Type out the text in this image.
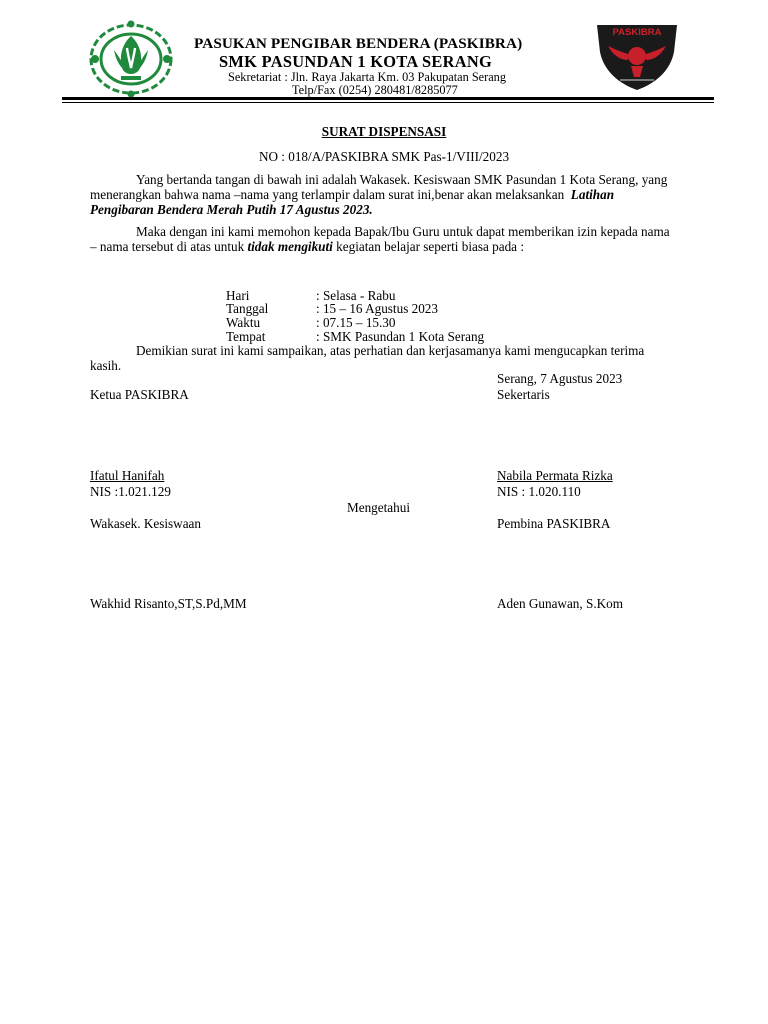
PASUKAN PENGIBAR BENDERA (PASKIBRA)
SMK PASUNDAN 1 KOTA SERANG
Sekretariat : Jln. Raya Jakarta Km. 03 Pakupatan Serang
Telp/Fax (0254) 280481/8285077
PASKIBRA
SURAT DISPENSASI
NO : 018/A/PASKIBRA SMK Pas-1/VIII/2023
Yang bertanda tangan di bawah ini adalah Wakasek. Kesiswaan SMK Pasundan 1 Kota Serang, yang menerangkan bahwa nama –nama yang terlampir dalam surat ini,benar akan melaksankan Latihan Pengibaran Bendera Merah Putih 17 Agustus 2023.
Maka dengan ini kami memohon kepada Bapak/Ibu Guru untuk dapat memberikan izin kepada nama – nama tersebut di atas untuk tidak mengikuti kegiatan belajar seperti biasa pada :
Hari	: Selasa - Rabu
Tanggal	: 15 – 16 Agustus 2023
Waktu	: 07.15 – 15.30
Tempat	: SMK Pasundan 1 Kota Serang
Demikian surat ini kami sampaikan, atas perhatian dan kerjasamanya kami mengucapkan terima kasih.
Serang, 7 Agustus 2023
Ketua PASKIBRA	Sekertaris
Ifatul Hanifah	Nabila Permata Rizka
NIS :1.021.129	NIS : 1.020.110
Mengetahui
Wakasek. Kesiswaan	Pembina PASKIBRA
Wakhid Risanto,ST,S.Pd,MM	Aden Gunawan, S.Kom
